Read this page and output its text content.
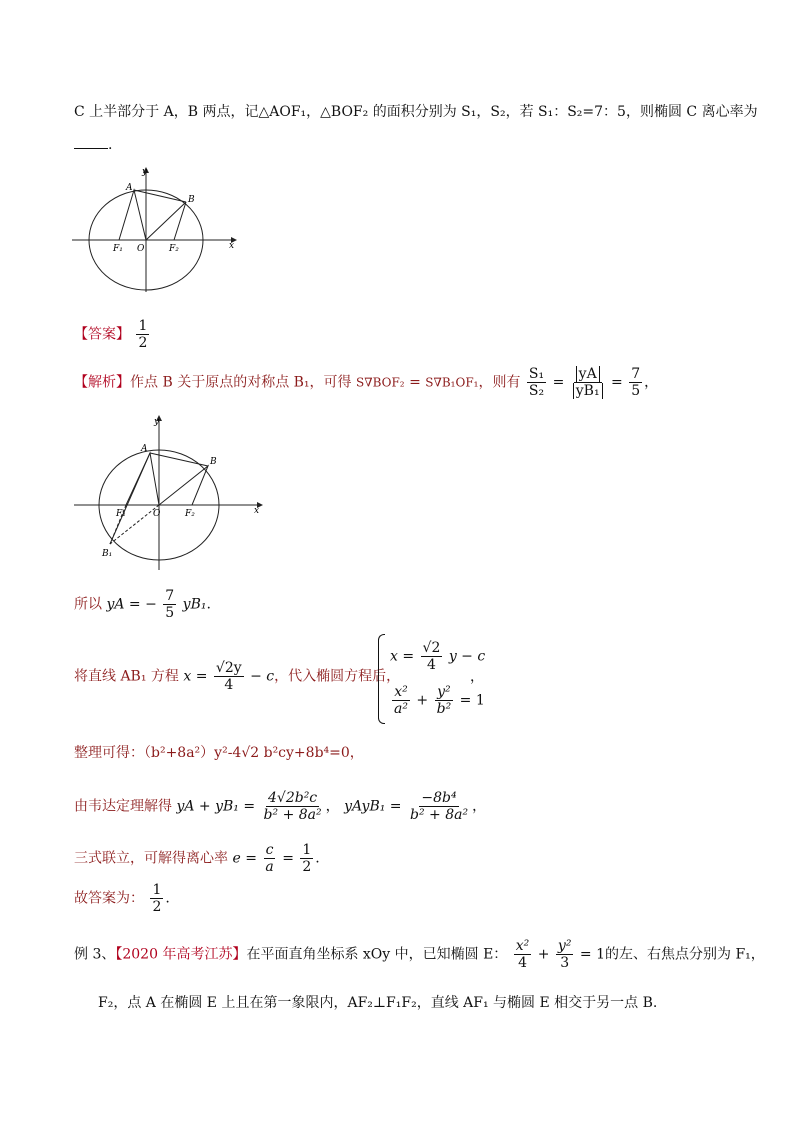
C 上半部分于 A，B 两点，记△AOF₁，△BOF₂ 的面积分别为 S₁，S₂，若 S₁：S₂=7：5，则椭圆 C 离心率为
.
y
x
A
B
F₁ O	F₂
【答案】 $\frac{1}{2}$
【解析】作点 B 关于原点的对称点 B₁，可得 S∇BOF₂ = S∇B₁OF₁，则有 $\frac{\text{S₁}}{\text{S₂}} = \frac{yA}{\text{yB₁}} = \frac{7}{5}$ ，
y
x
A
B
F₁	O	F₂
B₁
所以 yA = − $\frac{7}{5} yB_1$.
将直线 AB₁ 方程 $x = \frac{√2y}{4} - c$，代入椭圆方程后，
$x = \frac{√2}{4}$ y − c
$\frac{\text{x²}}{\text{a²}} + \frac{\text{y²}}{\text{b²}} = 1$
，
整理可得：（b²+8a²）y²-4√2 b²cy+8b⁴=0，
由韦达定理解得 yA + $yB_1 = \frac{\text{4√2b²c}}{\text{b² + 8a²}}$ ， yAyB₁ = $\frac{\text{−8b⁴}}{\text{b² + 8a²}}$ ，
三式联立，可解得离心率 $e = \frac{c}{a} = \frac{1}{2}$ .
故答案为： $\frac{1}{2}$ .
例 3、【2020 年高考江苏】在平面直角坐标系 xOy 中，已知椭圆 E： $\frac{\text{x²}}{4} + \frac{\text{y²}}{3} = 1$的左、右焦点分别为 F₁，
F₂，点 A 在椭圆 E 上且在第一象限内，AF₂⊥F₁F₂，直线 AF₁ 与椭圆 E 相交于另一点 B.
